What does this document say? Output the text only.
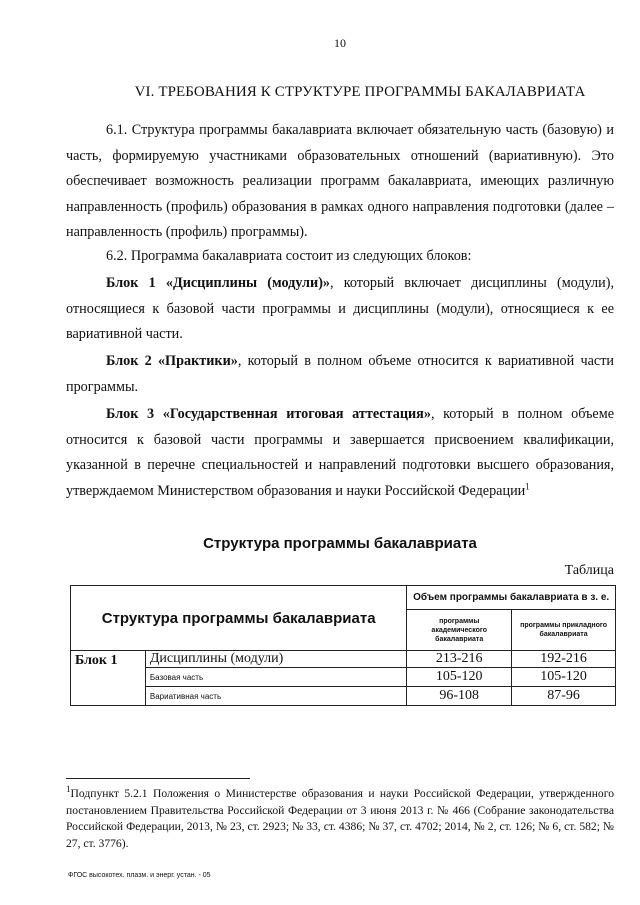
10
VI. ТРЕБОВАНИЯ К СТРУКТУРЕ ПРОГРАММЫ БАКАЛАВРИАТА
6.1. Структура программы бакалавриата включает обязательную часть (базовую) и часть, формируемую участниками образовательных отношений (вариативную). Это обеспечивает возможность реализации программ бакалавриата, имеющих различную направленность (профиль) образования в рамках одного направления подготовки (далее – направленность (профиль) программы).
6.2. Программа бакалавриата состоит из следующих блоков:
Блок 1 «Дисциплины (модули)», который включает дисциплины (модули), относящиеся к базовой части программы и дисциплины (модули), относящиеся к ее вариативной части.
Блок 2 «Практики», который в полном объеме относится к вариативной части программы.
Блок 3 «Государственная итоговая аттестация», который в полном объеме относится к базовой части программы и завершается присвоением квалификации, указанной в перечне специальностей и направлений подготовки высшего образования, утверждаемом Министерством образования и науки Российской Федерации$^1$
Структура программы бакалавриата
Таблица
Структура программы бакалавриата		Объем программы бакалавриата в з. е.	
		программы академического бакалавриата	программы прикладного бакалавриата
Блок 1	Дисциплины (модули)	213-216	192-216
	Базовая часть	105-120	105-120
	Вариативная часть	96-108	87-96
$^1$Подпункт 5.2.1 Положения о Министерстве образования и науки Российской Федерации, утвержденного постановлением Правительства Российской Федерации от 3 июня 2013 г. № 466 (Собрание законодательства Российской Федерации, 2013, № 23, ст. 2923; № 33, ст. 4386; № 37, ст. 4702; 2014, № 2, ст. 126; № 6, ст. 582; № 27, ст. 3776).
ФГОС высокотех. плазм. и энерг. устан. - 05
